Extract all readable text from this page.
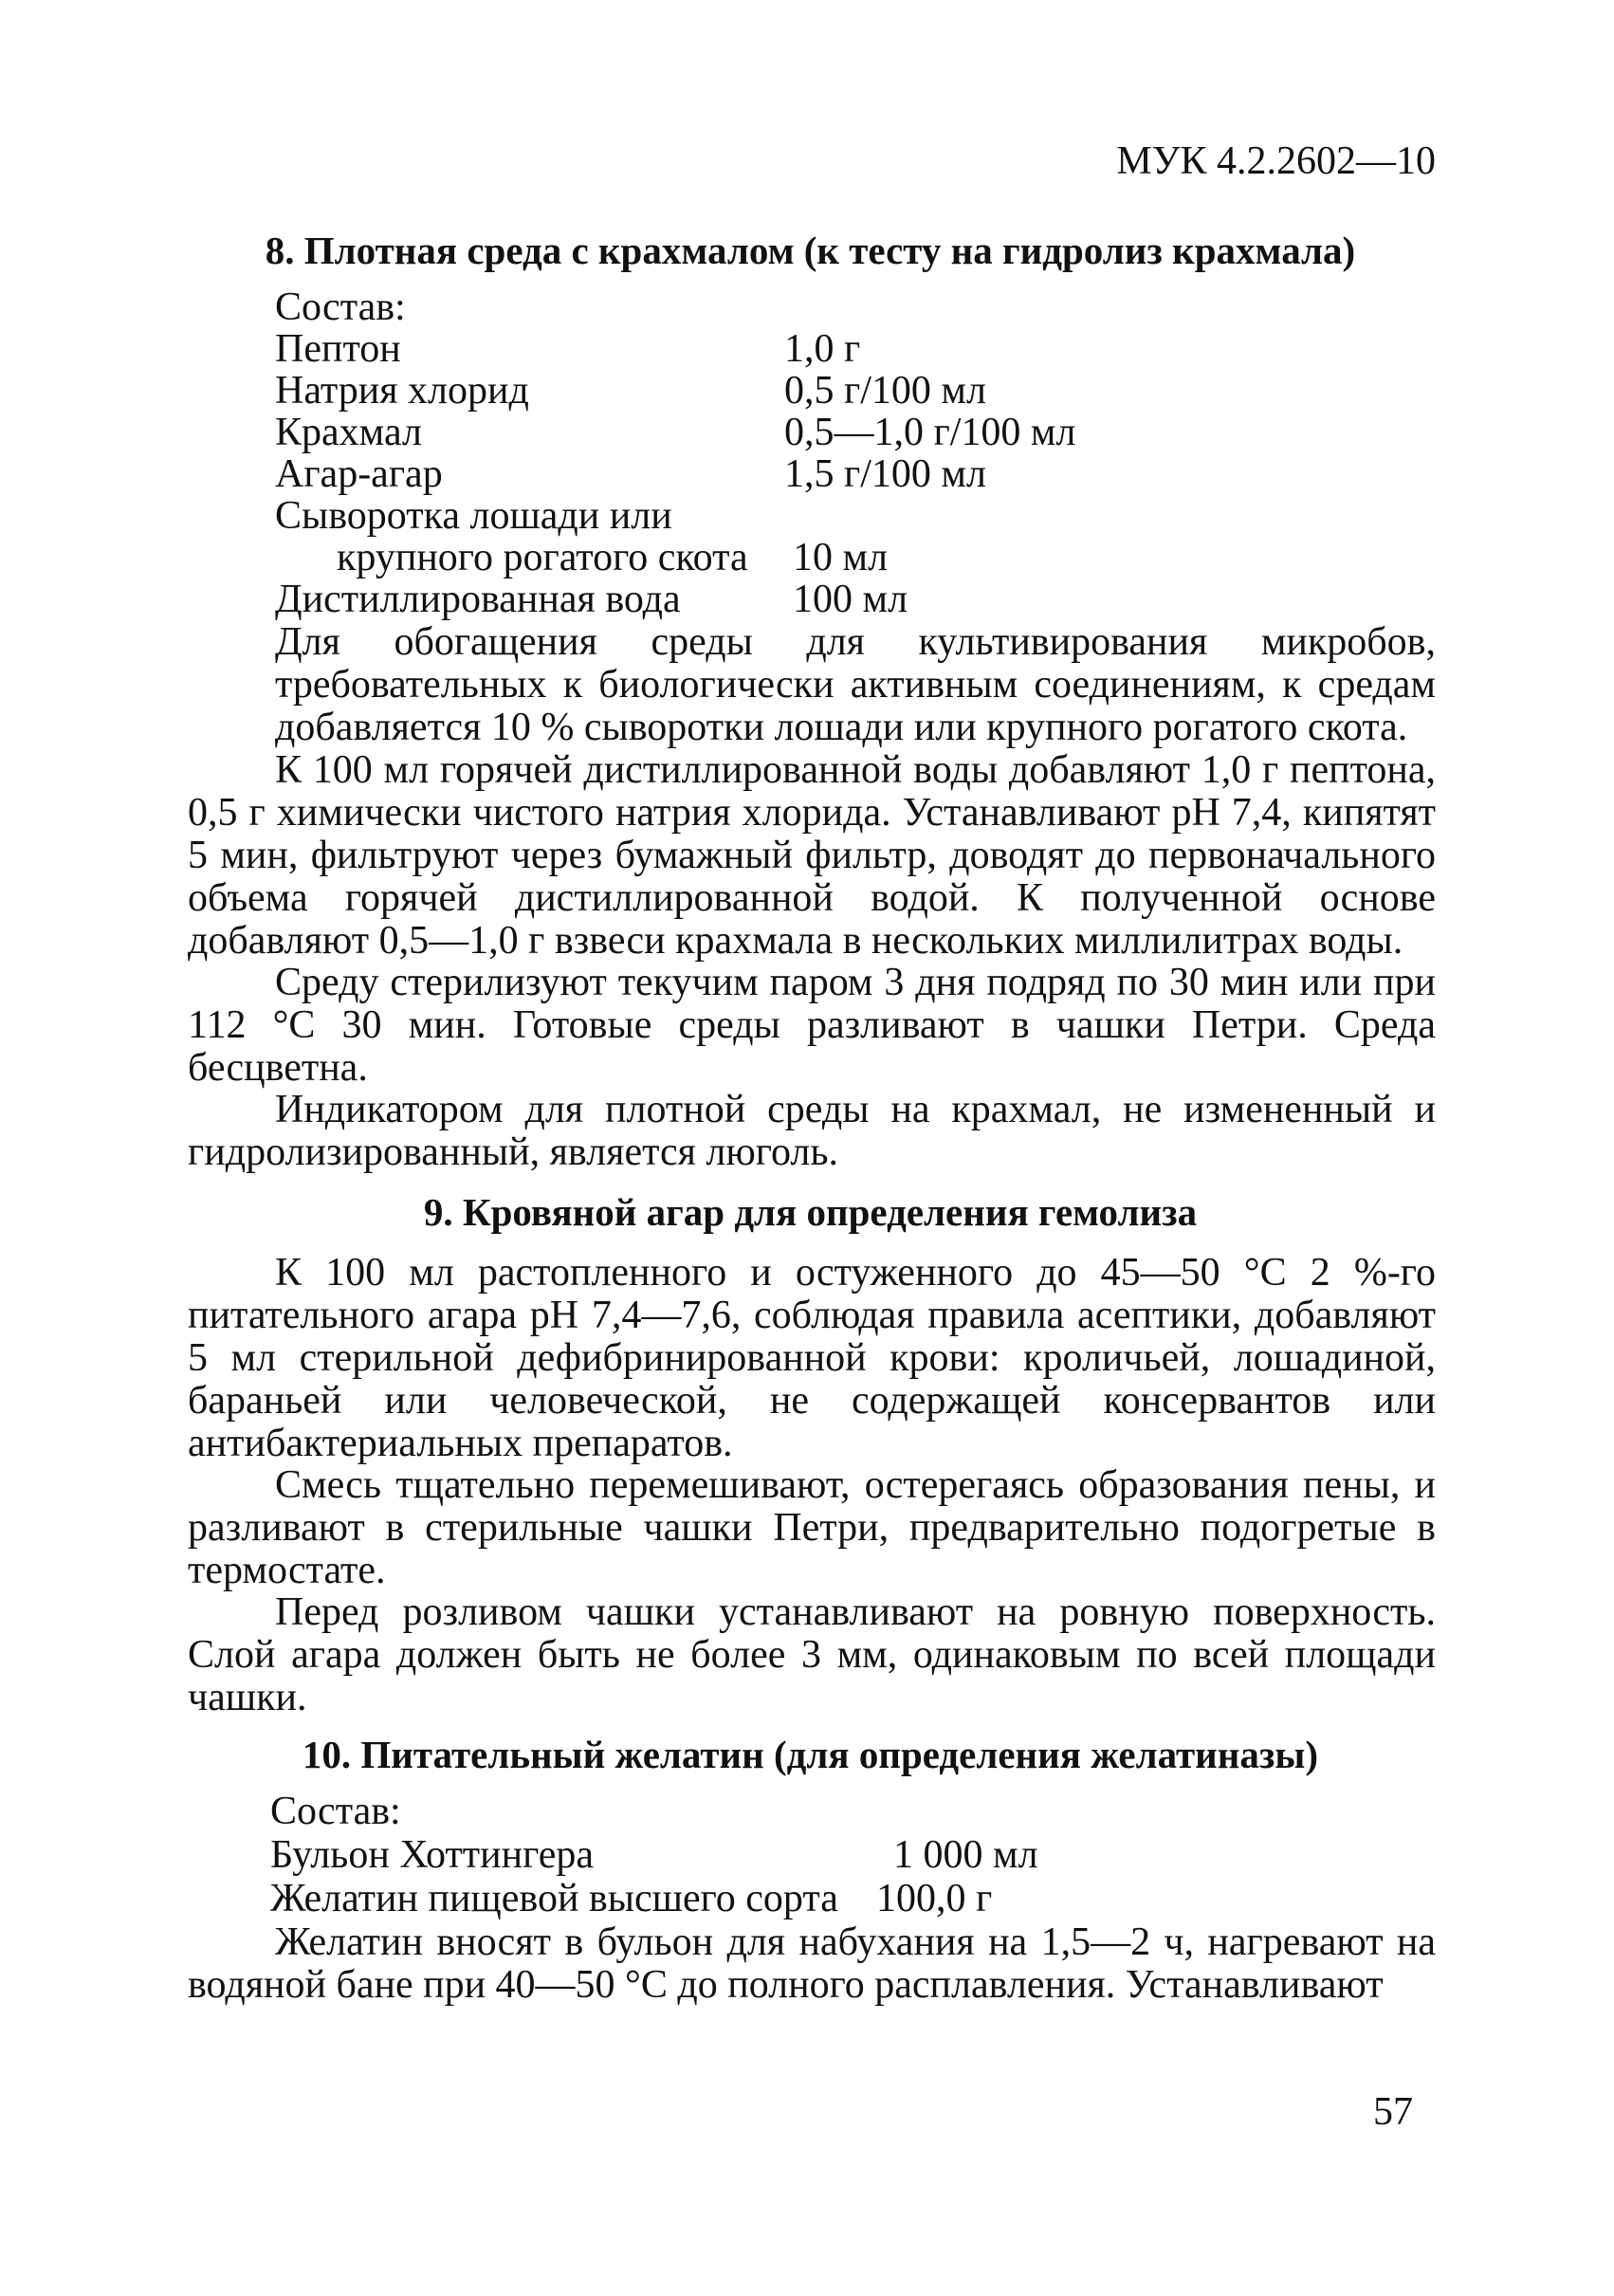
МУК 4.2.2602—10
8. Плотная среда с крахмалом (к тесту на гидролиз крахмала)
Состав:
Пептон	1,0 г
Натрия хлорид	0,5 г/100 мл
Крахмал	0,5—1,0 г/100 мл
Агар-агар	1,5 г/100 мл
Сыворотка лошади или
крупного рогатого скота 10 мл
Дистиллированная вода	100 мл
Для обогащения среды для культивирования микробов, требовательных к биологически активным соединениям, к средам добавляется 10 % сыворотки лошади или крупного рогатого скота.
К 100 мл горячей дистиллированной воды добавляют 1,0 г пептона, 0,5 г химически чистого натрия хлорида. Устанавливают pH 7,4, кипятят 5 мин, фильтруют через бумажный фильтр, доводят до первоначального объема горячей дистиллированной водой. К полученной основе добавляют 0,5—1,0 г взвеси крахмала в нескольких миллилитрах воды.
Среду стерилизуют текучим паром 3 дня подряд по 30 мин или при 112 °С 30 мин. Готовые среды разливают в чашки Петри. Среда бесцветна.
Индикатором для плотной среды на крахмал, не измененный и гидролизированный, является люголь.
9. Кровяной агар для определения гемолиза
К 100 мл растопленного и остуженного до 45—50 °С 2 %-го питательного агара pH 7,4—7,6, соблюдая правила асептики, добавляют 5 мл стерильной дефибринированной крови: кроличьей, лошадиной, бараньей или человеческой, не содержащей консервантов или антибактериальных препаратов.
Смесь тщательно перемешивают, остерегаясь образования пены, и разливают в стерильные чашки Петри, предварительно подогретые в термостате.
Перед розливом чашки устанавливают на ровную поверхность. Слой агара должен быть не более 3 мм, одинаковым по всей площади чашки.
10. Питательный желатин (для определения желатиназы)
Состав:
Бульон Хоттингера	1 000 мл
Желатин пищевой высшего сорта 100,0 г
Желатин вносят в бульон для набухания на 1,5—2 ч, нагревают на водяной бане при 40—50 °С до полного расплавления. Устанавливают
57
